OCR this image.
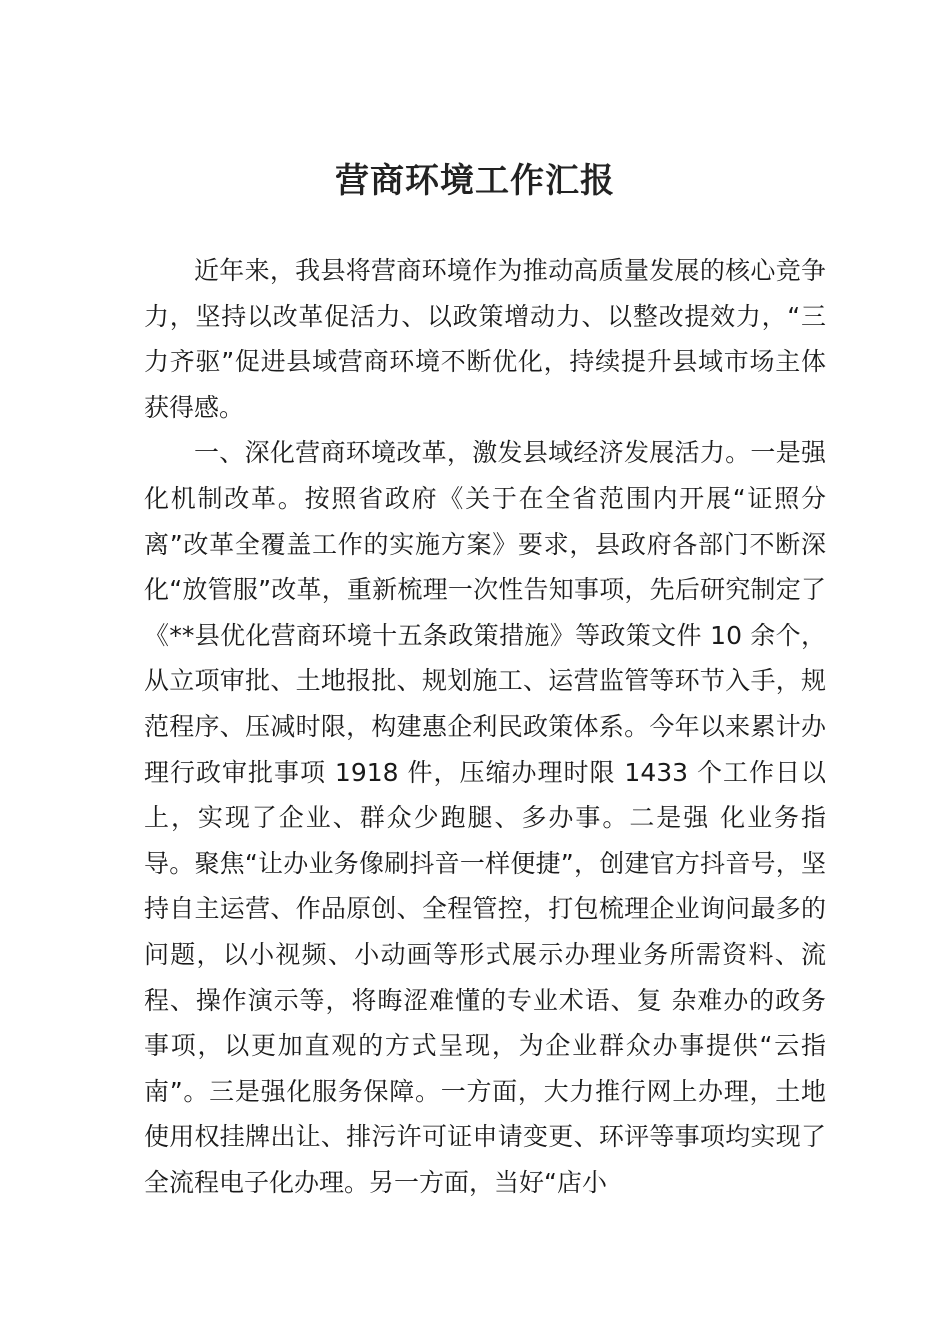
营商环境工作汇报

近年来，我县将营商环境作为推动高质量发展的核心竞争力，坚持以改革促活力、以政策增动力、以整改提效力，“三力齐驱”促进县域营商环境不断优化，持续提升县域市场主体获得感。

一、深化营商环境改革，激发县域经济发展活力。一是强化机制改革。按照省政府《关于在全省范围内开展“证照分离”改革全覆盖工作的实施方案》要求，县政府各部门不断深化“放管服”改革，重新梳理一次性告知事项，先后研究制定了《**县优化营商环境十五条政策措施》等政策文件 10 余个，从立项审批、土地报批、规划施工、运营监管等环节入手，规范程序、压减时限，构建惠企利民政策体系。今年以来累计办理行政审批事项 1918 件，压缩办理时限 1433 个工作日以上，实现了企业、群众少跑腿、多办事。二是强 化业务指导。聚焦“让办业务像刷抖音一样便捷”，创建官方抖音号，坚持自主运营、作品原创、全程管控，打包梳理企业询问最多的问题，以小视频、小动画等形式展示办理业务所需资料、流程、操作演示等，将晦涩难懂的专业术语、复 杂难办的政务事项，以更加直观的方式呈现，为企业群众办事提供“云指南”。三是强化服务保障。一方面，大力推行网上办理，土地使用权挂牌出让、排污许可证申请变更、环评等事项均实现了全流程电子化办理。另一方面，当好“店小
